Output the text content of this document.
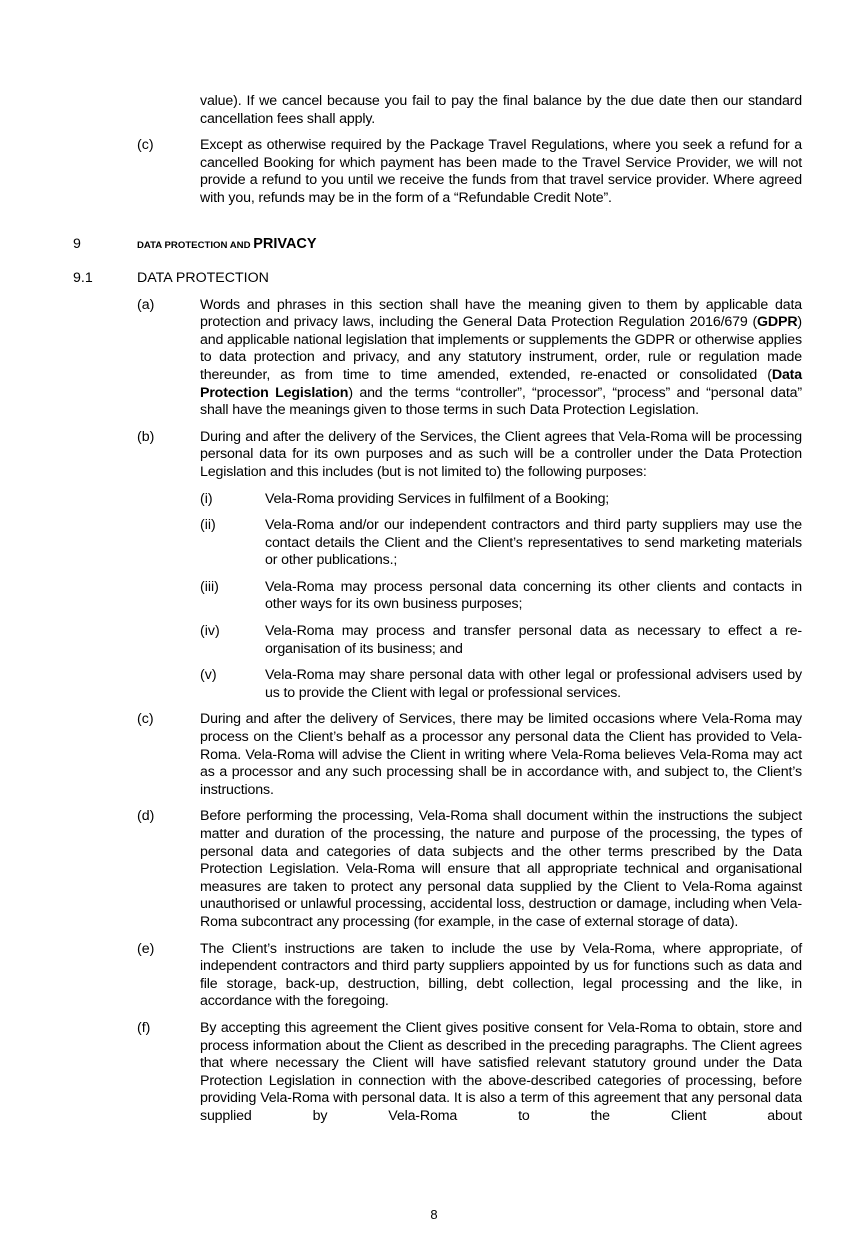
value). If we cancel because you fail to pay the final balance by the due date then our standard cancellation fees shall apply.
(c)	Except as otherwise required by the Package Travel Regulations, where you seek a refund for a cancelled Booking for which payment has been made to the Travel Service Provider, we will not provide a refund to you until we receive the funds from that travel service provider. Where agreed with you, refunds may be in the form of a “Refundable Credit Note”.
9	DATA PROTECTION AND PRIVACY
9.1	DATA PROTECTION
(a)	Words and phrases in this section shall have the meaning given to them by applicable data protection and privacy laws, including the General Data Protection Regulation 2016/679 (GDPR) and applicable national legislation that implements or supplements the GDPR or otherwise applies to data protection and privacy, and any statutory instrument, order, rule or regulation made thereunder, as from time to time amended, extended, re-enacted or consolidated (Data Protection Legislation) and the terms “controller”, “processor”, “process” and “personal data” shall have the meanings given to those terms in such Data Protection Legislation.
(b)	During and after the delivery of the Services, the Client agrees that Vela-Roma will be processing personal data for its own purposes and as such will be a controller under the Data Protection Legislation and this includes (but is not limited to) the following purposes:
(i)	Vela-Roma providing Services in fulfilment of a Booking;
(ii)	Vela-Roma and/or our independent contractors and third party suppliers may use the contact details the Client and the Client’s representatives to send marketing materials or other publications.;
(iii)	Vela-Roma may process personal data concerning its other clients and contacts in other ways for its own business purposes;
(iv)	Vela-Roma may process and transfer personal data as necessary to effect a re-organisation of its business; and
(v)	Vela-Roma may share personal data with other legal or professional advisers used by us to provide the Client with legal or professional services.
(c)	During and after the delivery of Services, there may be limited occasions where Vela-Roma may process on the Client’s behalf as a processor any personal data the Client has provided to Vela-Roma. Vela-Roma will advise the Client in writing where Vela-Roma believes Vela-Roma may act as a processor and any such processing shall be in accordance with, and subject to, the Client’s instructions.
(d)	Before performing the processing, Vela-Roma shall document within the instructions the subject matter and duration of the processing, the nature and purpose of the processing, the types of personal data and categories of data subjects and the other terms prescribed by the Data Protection Legislation. Vela-Roma will ensure that all appropriate technical and organisational measures are taken to protect any personal data supplied by the Client to Vela-Roma against unauthorised or unlawful processing, accidental loss, destruction or damage, including when Vela-Roma subcontract any processing (for example, in the case of external storage of data).
(e)	The Client’s instructions are taken to include the use by Vela-Roma, where appropriate, of independent contractors and third party suppliers appointed by us for functions such as data and file storage, back-up, destruction, billing, debt collection, legal processing and the like, in accordance with the foregoing.
(f)	By accepting this agreement the Client gives positive consent for Vela-Roma to obtain, store and process information about the Client as described in the preceding paragraphs. The Client agrees that where necessary the Client will have satisfied relevant statutory ground under the Data Protection Legislation in connection with the above-described categories of processing, before providing Vela-Roma with personal data. It is also a term of this agreement that any personal data supplied by Vela-Roma to the Client about
8
